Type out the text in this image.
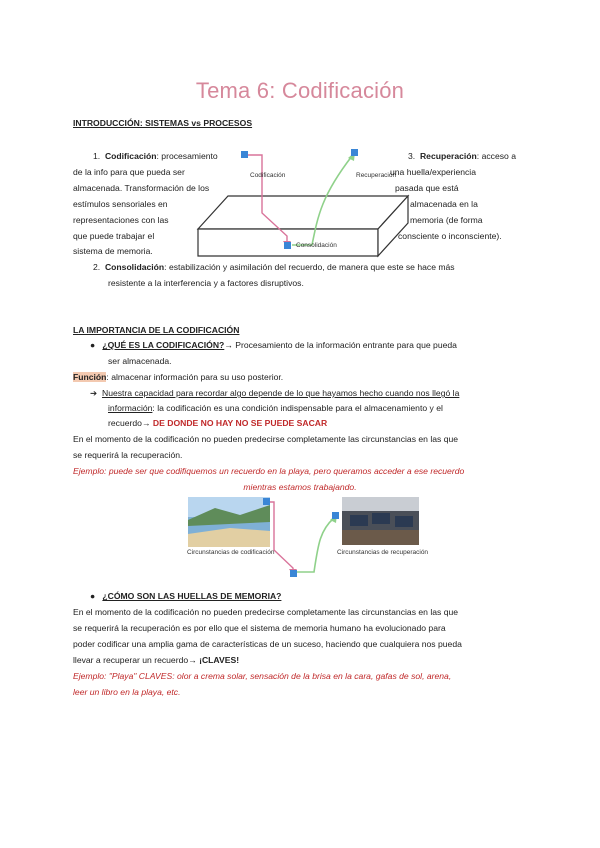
Tema 6: Codificación
INTRODUCCIÓN: SISTEMAS vs PROCESOS
Codificación	Recuperación
Consolidación
1. Codificación: procesamiento
de la info para que pueda ser
almacenada. Transformación de los
estímulos sensoriales en
representaciones con las
que puede trabajar el
sistema de memoria.
3. Recuperación: acceso a
una huella/experiencia
pasada que está
almacenada en la
memoria (de forma
consciente o inconsciente).
2. Consolidación: estabilización y asimilación del recuerdo, de manera que este se hace más
resistente a la interferencia y a factores disruptivos.
LA IMPORTANCIA DE LA CODIFICACIÓN
● ¿QUÉ ES LA CODIFICACIÓN?→ Procesamiento de la información entrante para que pueda
ser almacenada.
Función: almacenar información para su uso posterior.
➔ Nuestra capacidad para recordar algo depende de lo que hayamos hecho cuando nos llegó la
información: la codificación es una condición indispensable para el almacenamiento y el
recuerdo→ DE DONDE NO HAY NO SE PUEDE SACAR
En el momento de la codificación no pueden predecirse completamente las circunstancias en las que
se requerirá la recuperación.
Ejemplo: puede ser que codifiquemos un recuerdo en la playa, pero queramos acceder a ese recuerdo
mientras estamos trabajando.
Circunstancias de codificación	Circunstancias de recuperación
● ¿CÓMO SON LAS HUELLAS DE MEMORIA?
En el momento de la codificación no pueden predecirse completamente las circunstancias en las que
se requerirá la recuperación es por ello que el sistema de memoria humano ha evolucionado para
poder codificar una amplia gama de características de un suceso, haciendo que cualquiera nos pueda
llevar a recuperar un recuerdo→ ¡CLAVES!
Ejemplo: "Playa" CLAVES: olor a crema solar, sensación de la brisa en la cara, gafas de sol, arena,
leer un libro en la playa, etc.
